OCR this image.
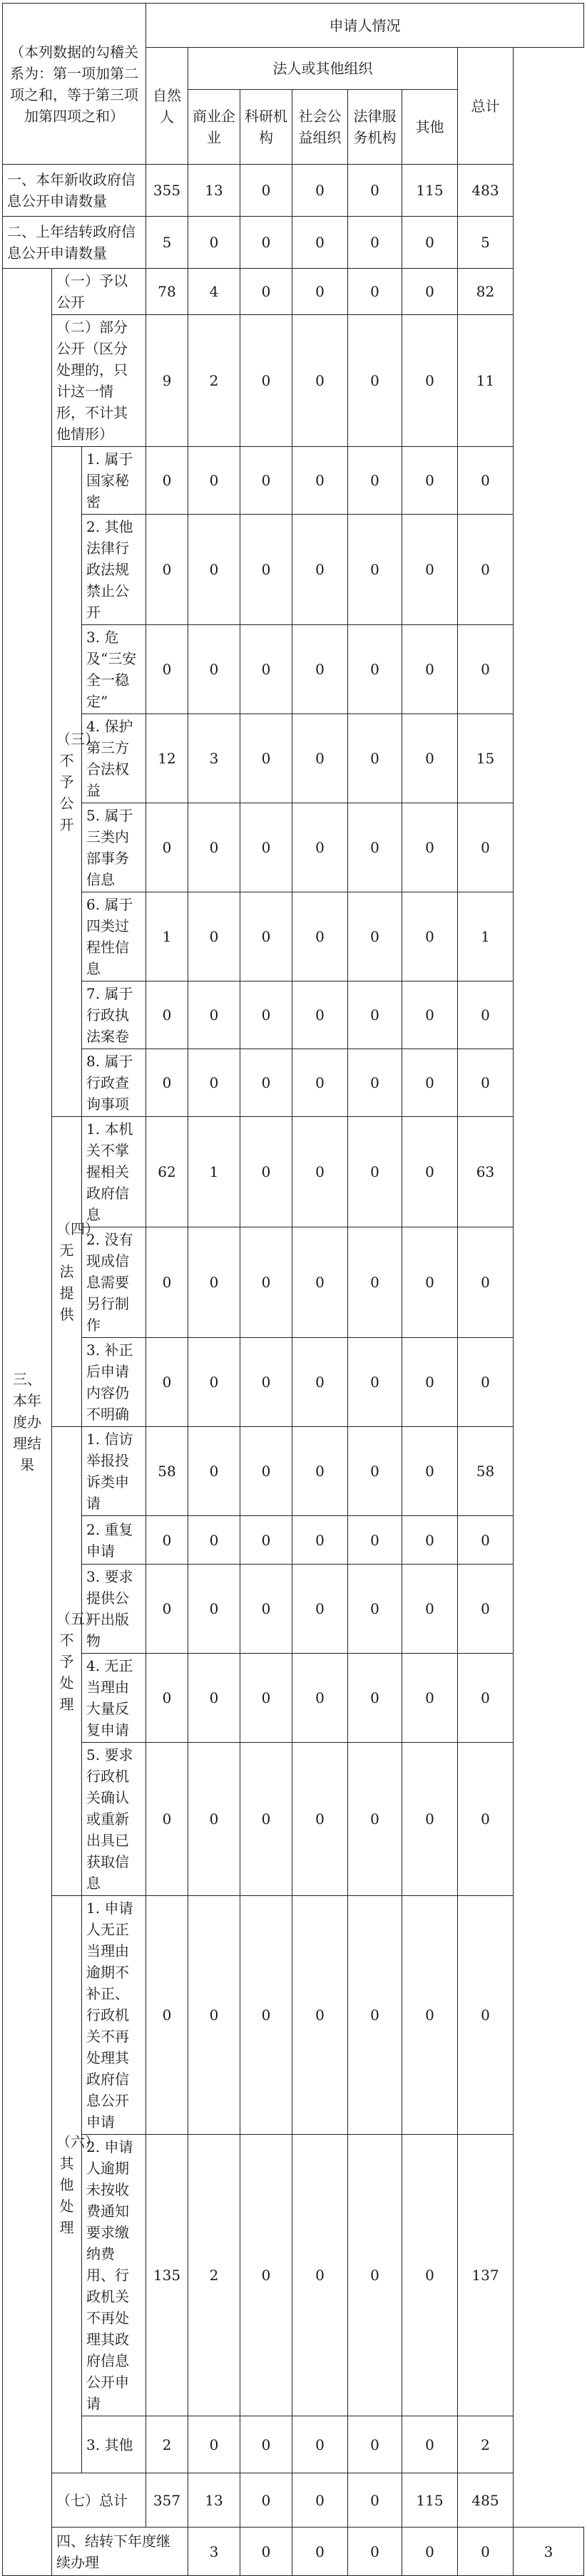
（本列数据的勾稽关系为：第一项加第二项之和，等于第三项加第四项之和）			申请人情况							
			自然人	法人或其他组织					总计	
				商业企业	科研机构	社会公益组织	法律服务机构	其他		
一、本年新收政府信息公开申请数量			355	13	0	0	0	115	483	
二、上年结转政府信息公开申请数量			5	0	0	0	0	0	5	
三、本年度办理结果	（一）予以公开		78	4	0	0	0	0	82	
	（二）部分公开（区分处理的，只计这一情形，不计其他情形）		9	2	0	0	0	0	11	
	（三）不予公开	1. 属于国家秘密	0	0	0	0	0	0	0	
		2. 其他法律行政法规禁止公开	0	0	0	0	0	0	0	
		3. 危及“三安全一稳定”	0	0	0	0	0	0	0	
		4. 保护第三方合法权益	12	3	0	0	0	0	15	
		5. 属于三类内部事务信息	0	0	0	0	0	0	0	
		6. 属于四类过程性信息	1	0	0	0	0	0	1	
		7. 属于行政执法案卷	0	0	0	0	0	0	0	
		8. 属于行政查询事项	0	0	0	0	0	0	0	
	（四）无法提供	1. 本机关不掌握相关政府信息	62	1	0	0	0	0	63	
		2. 没有现成信息需要另行制作	0	0	0	0	0	0	0	
		3. 补正后申请内容仍不明确	0	0	0	0	0	0	0	
	（五）不予处理	1. 信访举报投诉类申请	58	0	0	0	0	0	58	
		2. 重复申请	0	0	0	0	0	0	0	
		3. 要求提供公开出版物	0	0	0	0	0	0	0	
		4. 无正当理由大量反复申请	0	0	0	0	0	0	0	
		5. 要求行政机关确认或重新出具已获取信息	0	0	0	0	0	0	0	
	（六）其他处理	1. 申请人无正当理由逾期不补正、行政机关不再处理其政府信息公开申请	0	0	0	0	0	0	0	
		2. 申请人逾期未按收费通知要求缴纳费用、行政机关不再处理其政府信息公开申请	135	2	0	0	0	0	137	
		3. 其他	2	0	0	0	0	0	2	
	（七）总计		357	13	0	0	0	115	485	
	四、结转下年度继续办理			3	0	0	0	0	0	3
